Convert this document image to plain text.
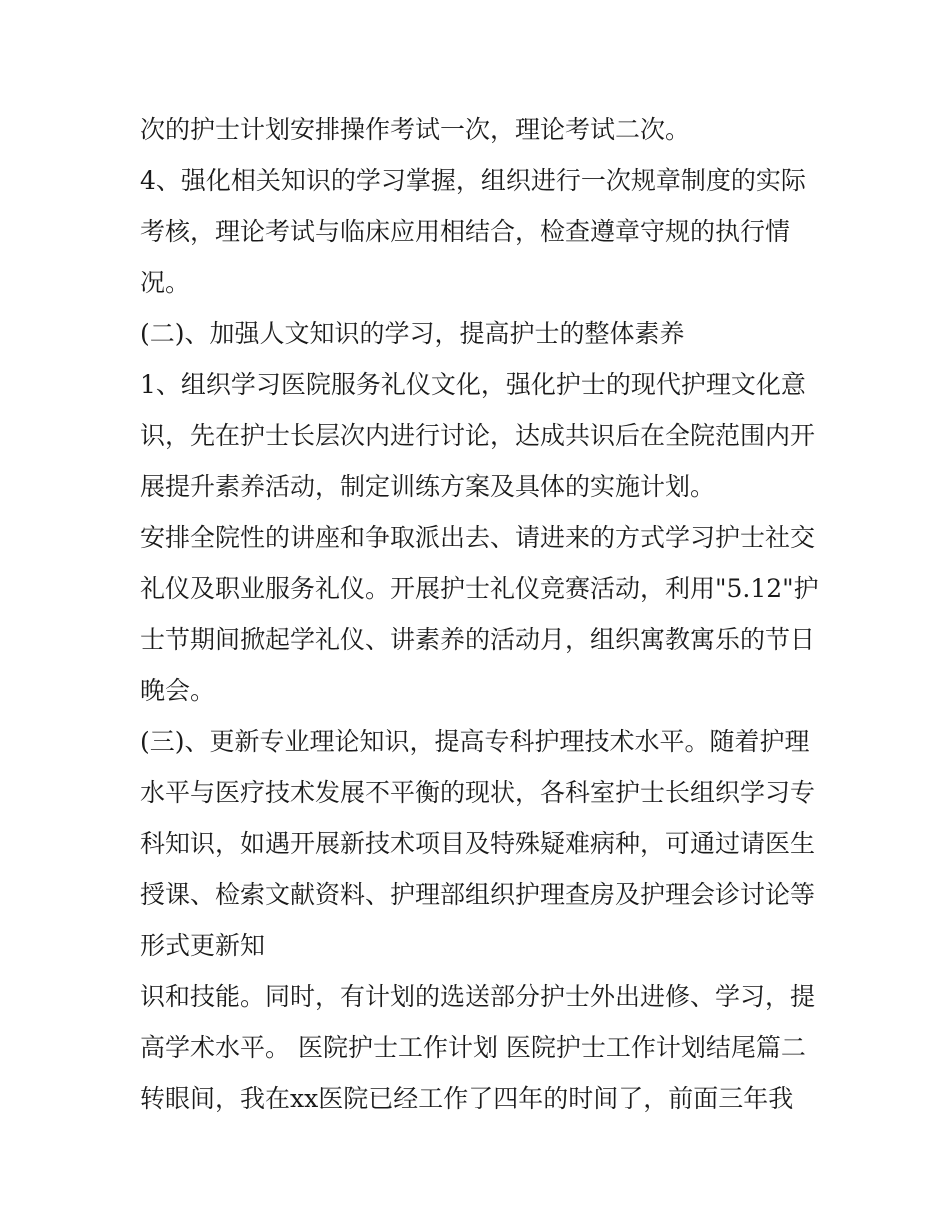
次的护士计划安排操作考试一次，理论考试二次。
4、强化相关知识的学习掌握，组织进行一次规章制度的实际
考核，理论考试与临床应用相结合，检查遵章守规的执行情
况。
(二)、加强人文知识的学习，提高护士的整体素养
1、组织学习医院服务礼仪文化，强化护士的现代护理文化意
识，先在护士长层次内进行讨论，达成共识后在全院范围内开
展提升素养活动，制定训练方案及具体的实施计划。
安排全院性的讲座和争取派出去、请进来的方式学习护士社交
礼仪及职业服务礼仪。开展护士礼仪竞赛活动，利用"5.12"护
士节期间掀起学礼仪、讲素养的活动月，组织寓教寓乐的节日
晚会。
(三)、更新专业理论知识，提高专科护理技术水平。随着护理
水平与医疗技术发展不平衡的现状，各科室护士长组织学习专
科知识，如遇开展新技术项目及特殊疑难病种，可通过请医生
授课、检索文献资料、护理部组织护理查房及护理会诊讨论等
形式更新知
识和技能。同时，有计划的选送部分护士外出进修、学习，提
高学术水平。 医院护士工作计划 医院护士工作计划结尾篇二
转眼间，我在xx医院已经工作了四年的时间了，前面三年我
